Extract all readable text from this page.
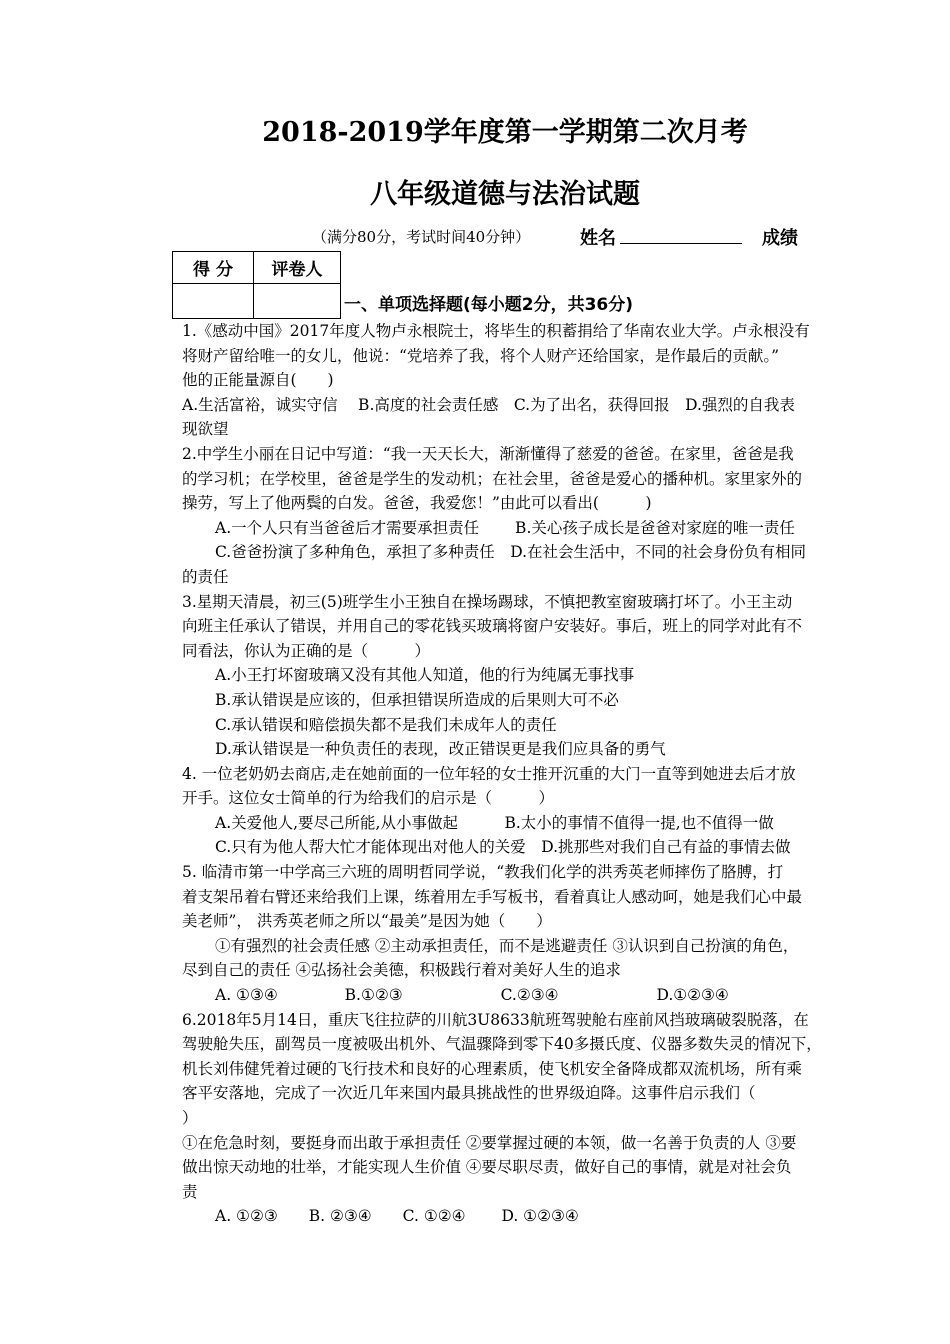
2018-2019学年度第一学期第二次月考
八年级道德与法治试题
（满分80分，考试时间40分钟）	姓名	成绩
得 分	评卷人

一、单项选择题(每小题2分，共36分)
1.《感动中国》2017年度人物卢永根院士，将毕生的积蓄捐给了华南农业大学。卢永根没有
将财产留给唯一的女儿，他说：“党培养了我，将个人财产还给国家，是作最后的贡献。”
他的正能量源自(　　)
A.生活富裕，诚实守信　 B.高度的社会责任感　C.为了出名，获得回报　D.强烈的自我表
现欲望
2.中学生小丽在日记中写道：“我一天天长大，渐渐懂得了慈爱的爸爸。在家里，爸爸是我
的学习机；在学校里，爸爸是学生的发动机；在社会里，爸爸是爱心的播种机。家里家外的
操劳，写上了他两鬓的白发。爸爸，我爱您！”由此可以看出(　　　)
A.一个人只有当爸爸后才需要承担责任　　 B.关心孩子成长是爸爸对家庭的唯一责任
C.爸爸扮演了多种角色，承担了多种责任　D.在社会生活中，不同的社会身份负有相同
的责任
3.星期天清晨，初三(5)班学生小王独自在操场踢球，不慎把教室窗玻璃打坏了。小王主动
向班主任承认了错误，并用自己的零花钱买玻璃将窗户安装好。事后，班上的同学对此有不
同看法，你认为正确的是（　　　）
A.小王打坏窗玻璃又没有其他人知道，他的行为纯属无事找事
B.承认错误是应该的，但承担错误所造成的后果则大可不必
C.承认错误和赔偿损失都不是我们未成年人的责任
D.承认错误是一种负责任的表现，改正错误更是我们应具备的勇气
4. 一位老奶奶去商店,走在她前面的一位年轻的女士推开沉重的大门一直等到她进去后才放
开手。这位女士简单的行为给我们的启示是（　　　）
A.关爱他人,要尽己所能,从小事做起　　　B.太小的事情不值得一提,也不值得一做
C.只有为他人帮大忙才能体现出对他人的关爱　D.挑那些对我们自己有益的事情去做
5. 临清市第一中学高三六班的周明哲同学说，“教我们化学的洪秀英老师摔伤了胳膊，打
着支架吊着右臂还来给我们上课，练着用左手写板书，看着真让人感动呵，她是我们心中最
美老师”， 洪秀英老师之所以“最美”是因为她（　　）
①有强烈的社会责任感 ②主动承担责任，而不是逃避责任 ③认识到自己扮演的角色，
尽到自己的责任 ④弘扬社会美德，积极践行着对美好人生的追求
A. ①③④　　　　 B.①②③　　　　　　 C.②③④　　　　　　 D.①②③④
6.2018年5月14日，重庆飞往拉萨的川航3U8633航班驾驶舱右座前风挡玻璃破裂脱落，在
驾驶舱失压，副驾员一度被吸出机外、气温骤降到零下40多摄氏度、仪器多数失灵的情况下，
机长刘伟健凭着过硬的飞行技术和良好的心理素质，使飞机安全备降成都双流机场，所有乘
客平安落地，完成了一次近几年来国内最具挑战性的世界级迫降。这事件启示我们（
）
①在危急时刻，要挺身而出敢于承担责任 ②要掌握过硬的本领，做一名善于负责的人 ③要
做出惊天动地的壮举，才能实现人生价值 ④要尽职尽责，做好自己的事情，就是对社会负
责
A. ①②③　　B. ②③④　　C. ①②④　　 D. ①②③④
